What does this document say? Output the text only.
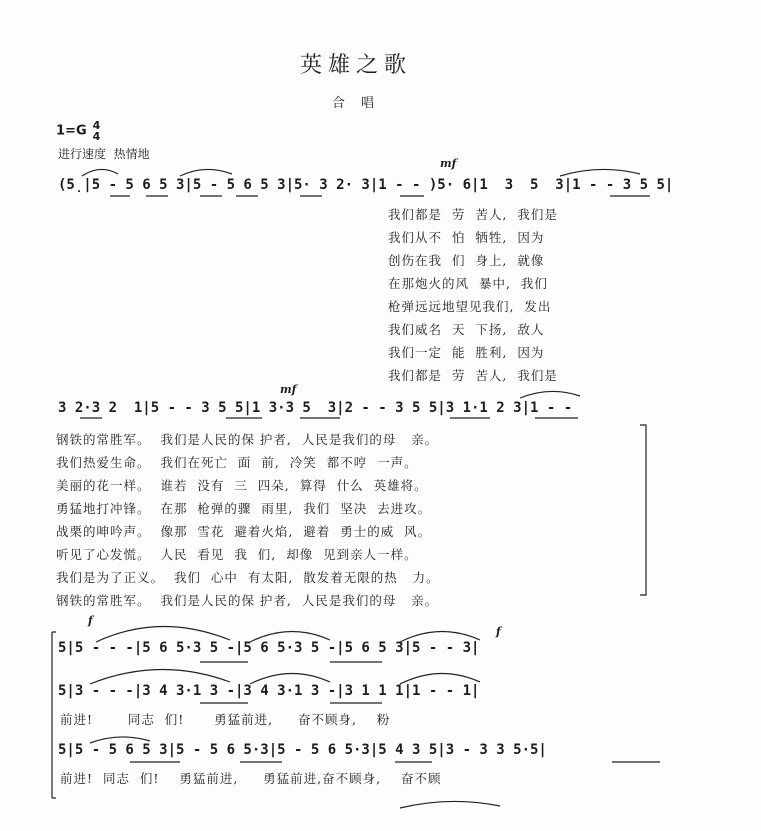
英雄之歌
合 唱
1=G 4
4
进行速度  热情地
mf
(5̣|5 - 5 6 5 3|5 - 5 6 5 3|5· 3 2· 3|1 - - )5· 6|1  3  5  3|1 - - 3 5 5|
我们都是  劳  苦人,  我们是
我们从不  怕  牺牲,  因为
创伤在我  们  身上,  就像
在那炮火的风  暴中,  我们
枪弹远远地望见我们,  发出
我们威名  天  下扬,  敌人
我们一定  能  胜利,  因为
我们都是  劳  苦人,  我们是
mf
3 2·3 2  1|5 - - 3 5 5|1 3·3 5  3|2 - - 3 5 5|3 1·1 2 3|1 - -
钢铁的常胜军。  我们是人民的保 护者,  人民是我们的母   亲。
我们热爱生命。  我们在死亡  面  前,  冷笑  都不哼  一声。
美丽的花一样。  谁若  没有  三  四朵,  算得  什么  英雄将。
勇猛地打冲锋。  在那  枪弹的骤  雨里,  我们  坚决  去进攻。
战栗的呻吟声。  像那  雪花  避着火焰,  避着  勇士的威  风。
听见了心发慌。  人民  看见  我  们,  却像  见到亲人一样。
我们是为了正义。  我们  心中  有太阳,  散发着无限的热   力。
钢铁的常胜军。  我们是人民的保 护者,  人民是我们的母   亲。
f
f
5|5 - - -|5 6 5·3 5 -|5 6 5·3 5 -|5 6 5 3|5 - - 3|
5|3 - - -|3 4 3·1 3 -|3 4 3·1 3 -|3 1 1 1|1 - - 1|
前进!       同志  们!      勇猛前进,     奋不顾身,    粉
5|5 - 5 6 5 3|5 - 5 6 5·3|5 - 5 6 5·3|5 4 3 5|3 - 3 3 5·5|
前进!  同志  们!    勇猛前进,     勇猛前进,奋不顾身,    奋不顾
